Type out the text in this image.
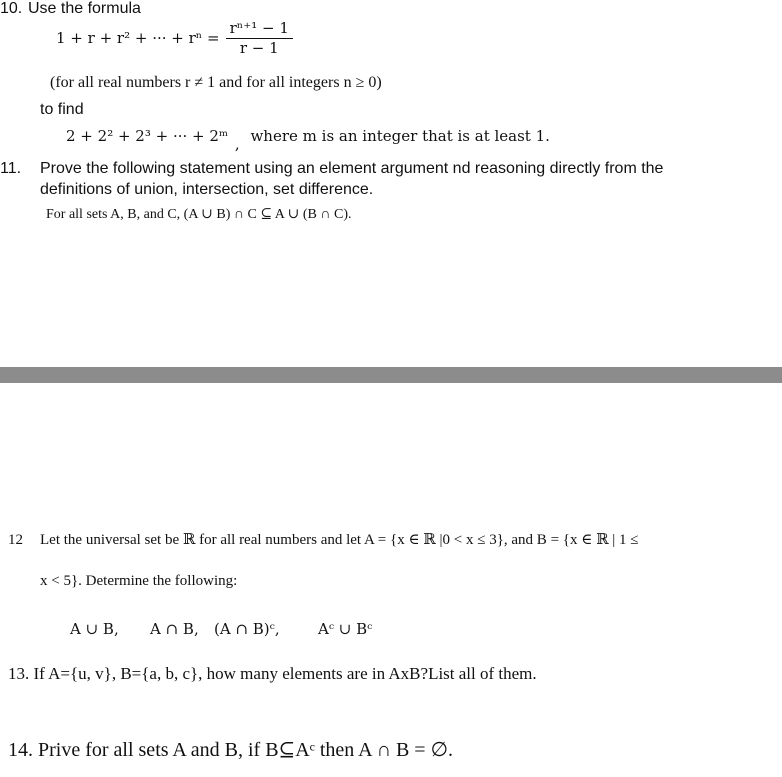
10. Use the formula
1 + r + r² + ··· + $r^n = \frac{\text{rⁿ⁺¹ − 1}}{r - 1}$
(for all real numbers r ≠ 1 and for all integers n ≥ 0)
to find
2 + 2² + 2³ + ··· + 2ᵐ , where m is an integer that is at least 1.
11. Prove the following statement using an element argument nd reasoning directly from the
definitions of union, intersection, set difference.
For all sets A, B, and C, (A ∪ B) ∩ C ⊆ A ∪ (B ∩ C).
12 Let the universal set be ℝ for all real numbers and let A = {x ∈ ℝ |0 < x ≤ 3}, and B = {x ∈ ℝ | 1 ≤
x < 5}. Determine the following:
A ∪ B, A ∩ B, (A ∩ B)ᶜ,	Aᶜ ∪ Bᶜ
13. If A={u, v}, B={a, b, c}, how many elements are in AxB?List all of them.
14. Prive for all sets A and B, if B⊆Aᶜ then A ∩ B = ∅.
